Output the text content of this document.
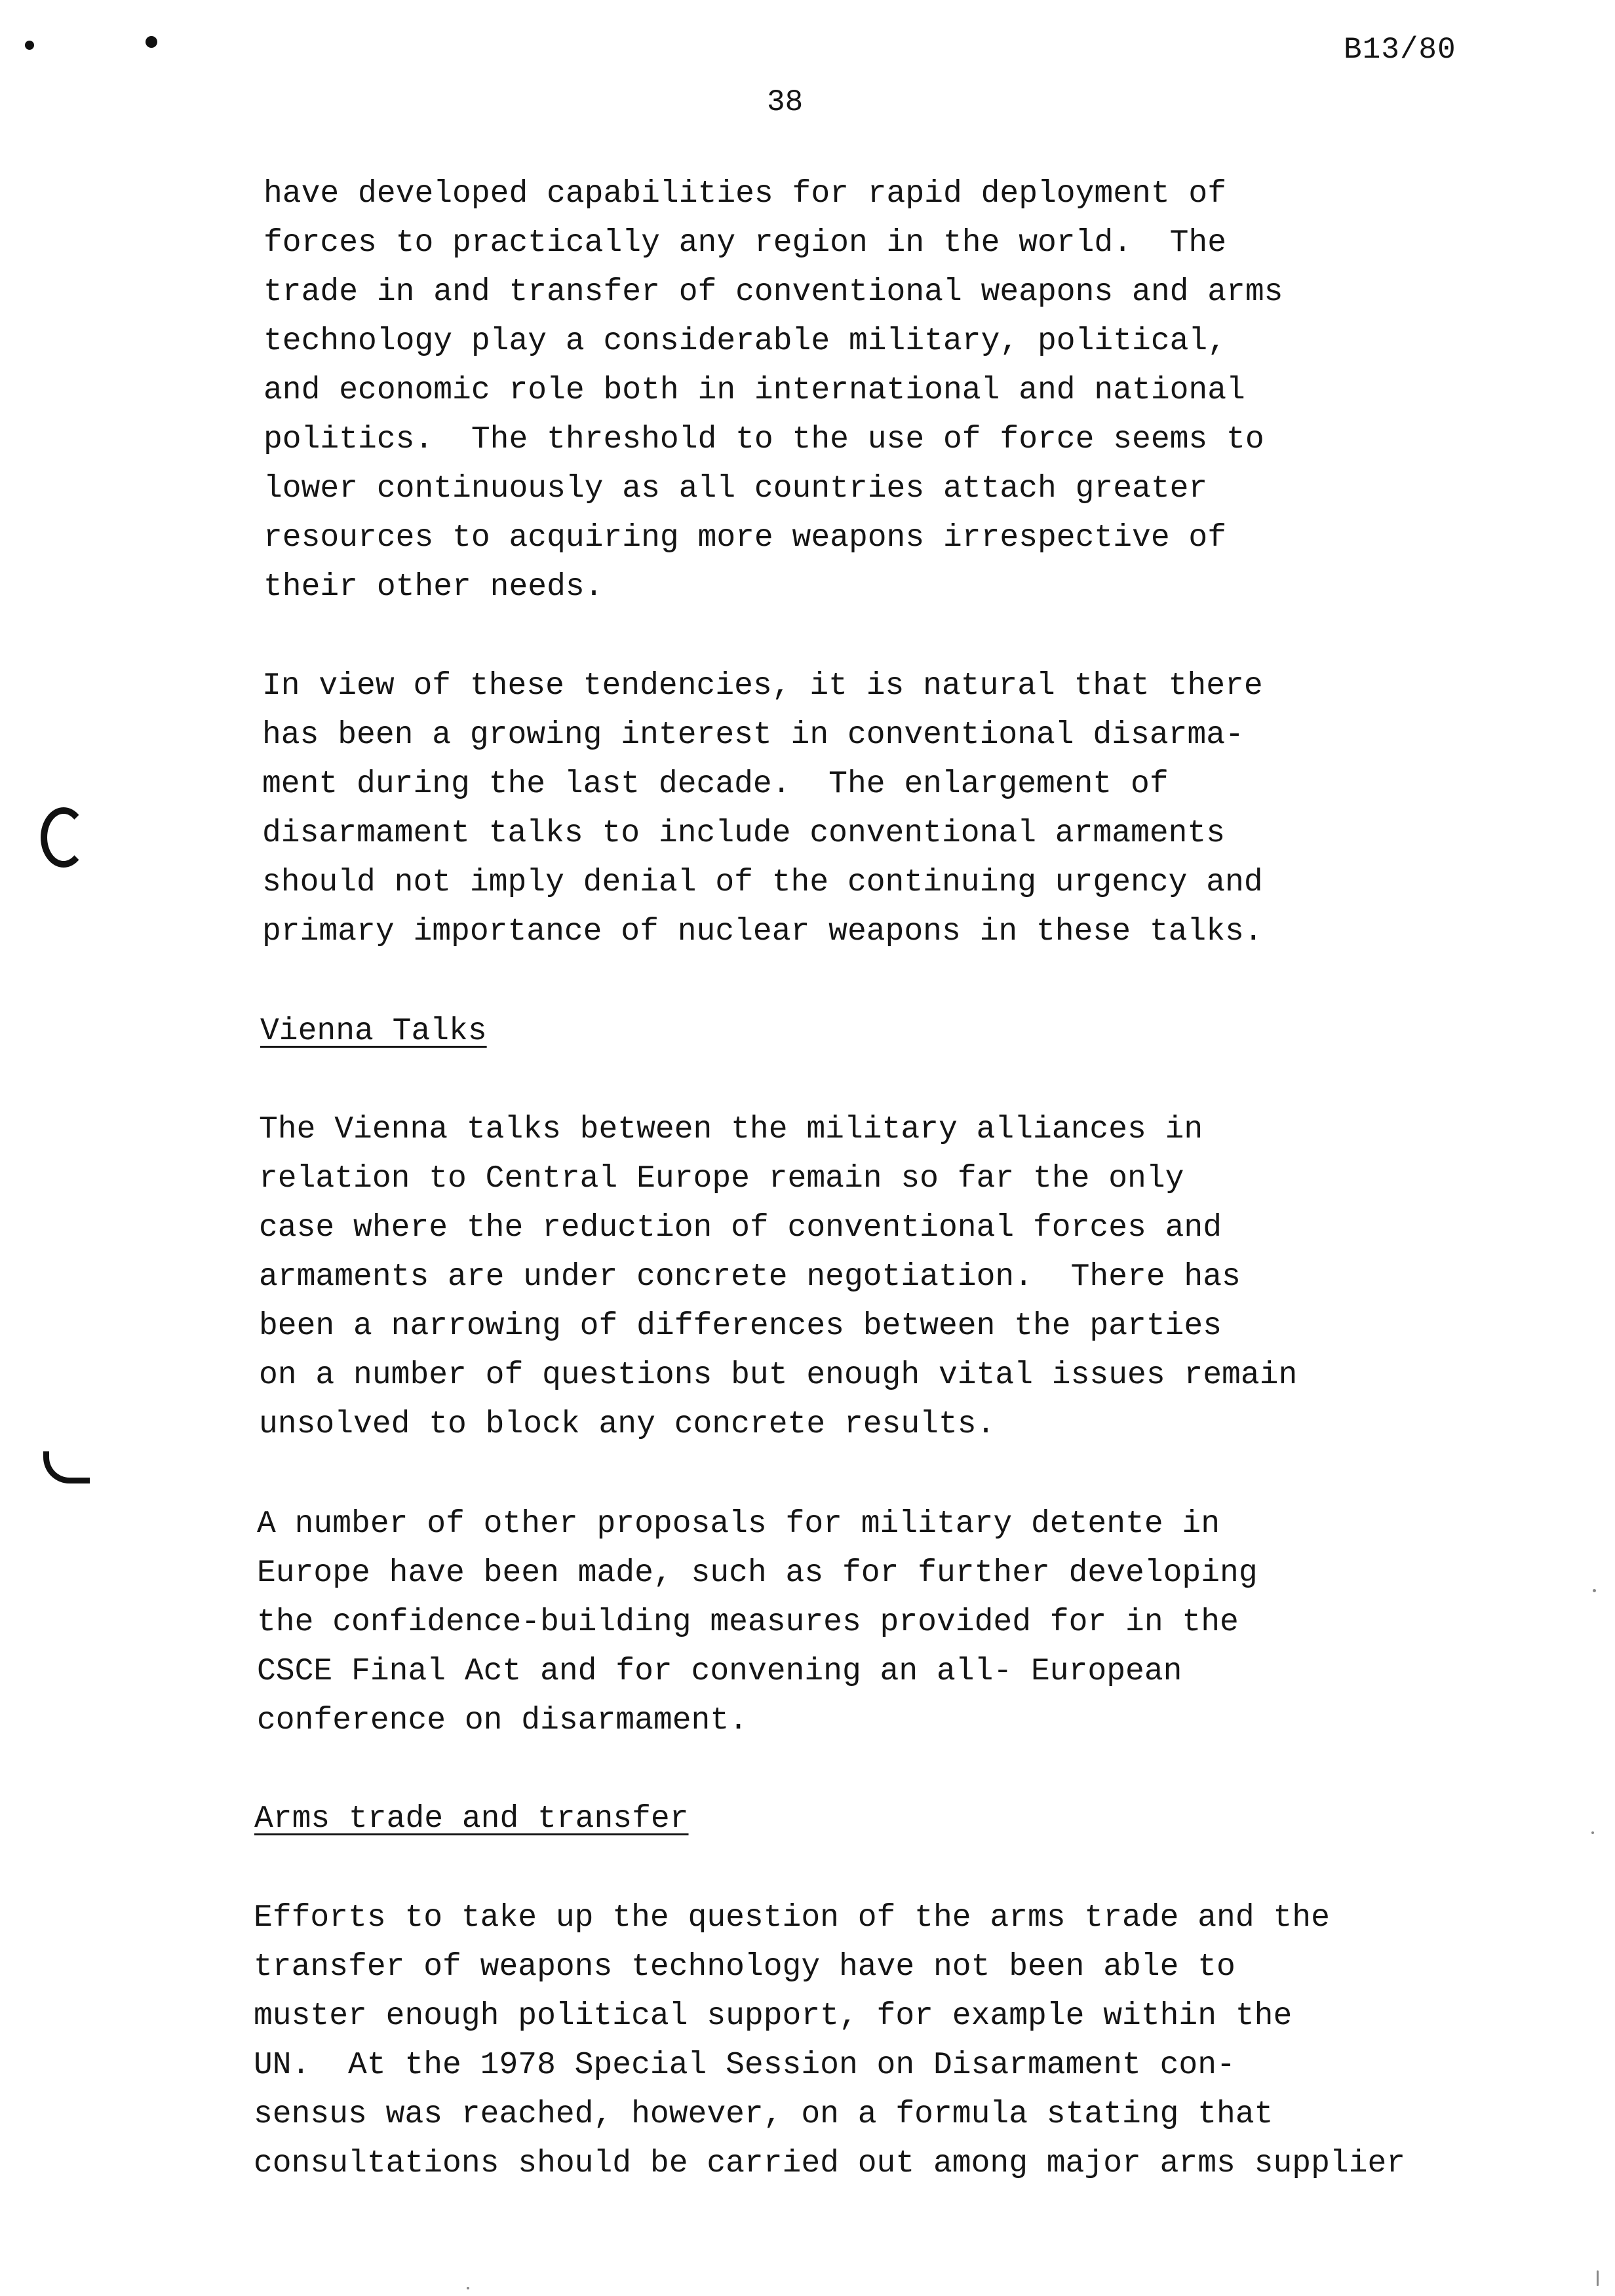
B13/80
38
have developed capabilities for rapid deployment of
forces to practically any region in the world.  The
trade in and transfer of conventional weapons and arms
technology play a considerable military, political,
and economic role both in international and national
politics.  The threshold to the use of force seems to
lower continuously as all countries attach greater
resources to acquiring more weapons irrespective of
their other needs.
In view of these tendencies, it is natural that there
has been a growing interest in conventional disarma-
ment during the last decade.  The enlargement of
disarmament talks to include conventional armaments
should not imply denial of the continuing urgency and
primary importance of nuclear weapons in these talks.
Vienna Talks
The Vienna talks between the military alliances in
relation to Central Europe remain so far the only
case where the reduction of conventional forces and
armaments are under concrete negotiation.  There has
been a narrowing of differences between the parties
on a number of questions but enough vital issues remain
unsolved to block any concrete results.
A number of other proposals for military detente in
Europe have been made, such as for further developing
the confidence-building measures provided for in the
CSCE Final Act and for convening an all- European
conference on disarmament.
Arms trade and transfer
Efforts to take up the question of the arms trade and the
transfer of weapons technology have not been able to
muster enough political support, for example within the
UN.  At the 1978 Special Session on Disarmament con-
sensus was reached, however, on a formula stating that
consultations should be carried out among major arms supplier
